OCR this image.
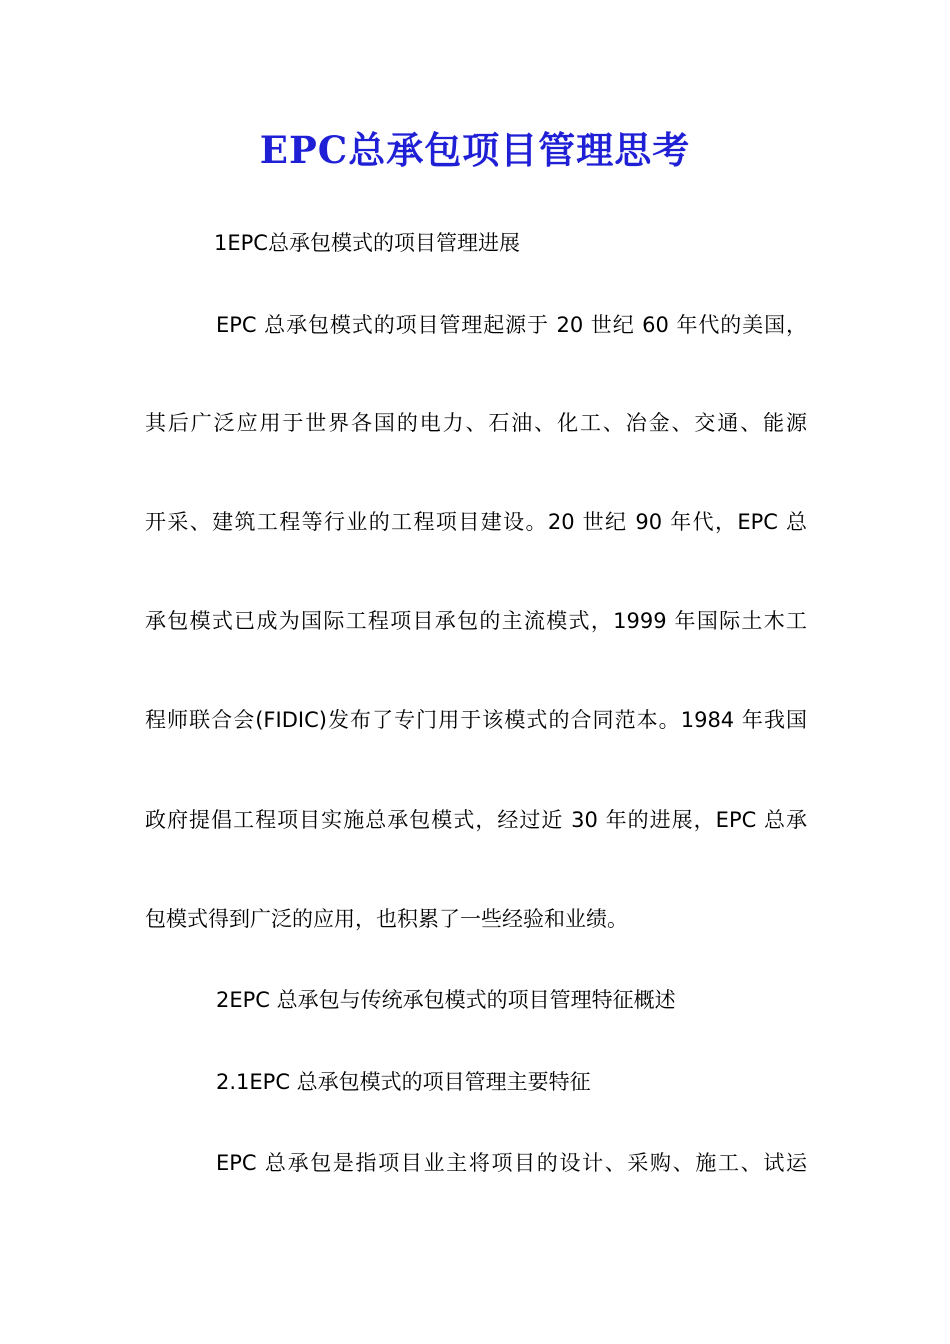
EPC总承包项目管理思考
1EPC总承包模式的项目管理进展
EPC 总承包模式的项目管理起源于 20 世纪 60 年代的美国，
其后广泛应用于世界各国的电力、石油、化工、冶金、交通、能源
开采、建筑工程等行业的工程项目建设。20 世纪 90 年代，EPC 总
承包模式已成为国际工程项目承包的主流模式，1999 年国际土木工
程师联合会(FIDIC)发布了专门用于该模式的合同范本。1984 年我国
政府提倡工程项目实施总承包模式，经过近 30 年的进展，EPC 总承
包模式得到广泛的应用，也积累了一些经验和业绩。
2EPC 总承包与传统承包模式的项目管理特征概述
2.1EPC 总承包模式的项目管理主要特征
EPC 总承包是指项目业主将项目的设计、采购、施工、试运
